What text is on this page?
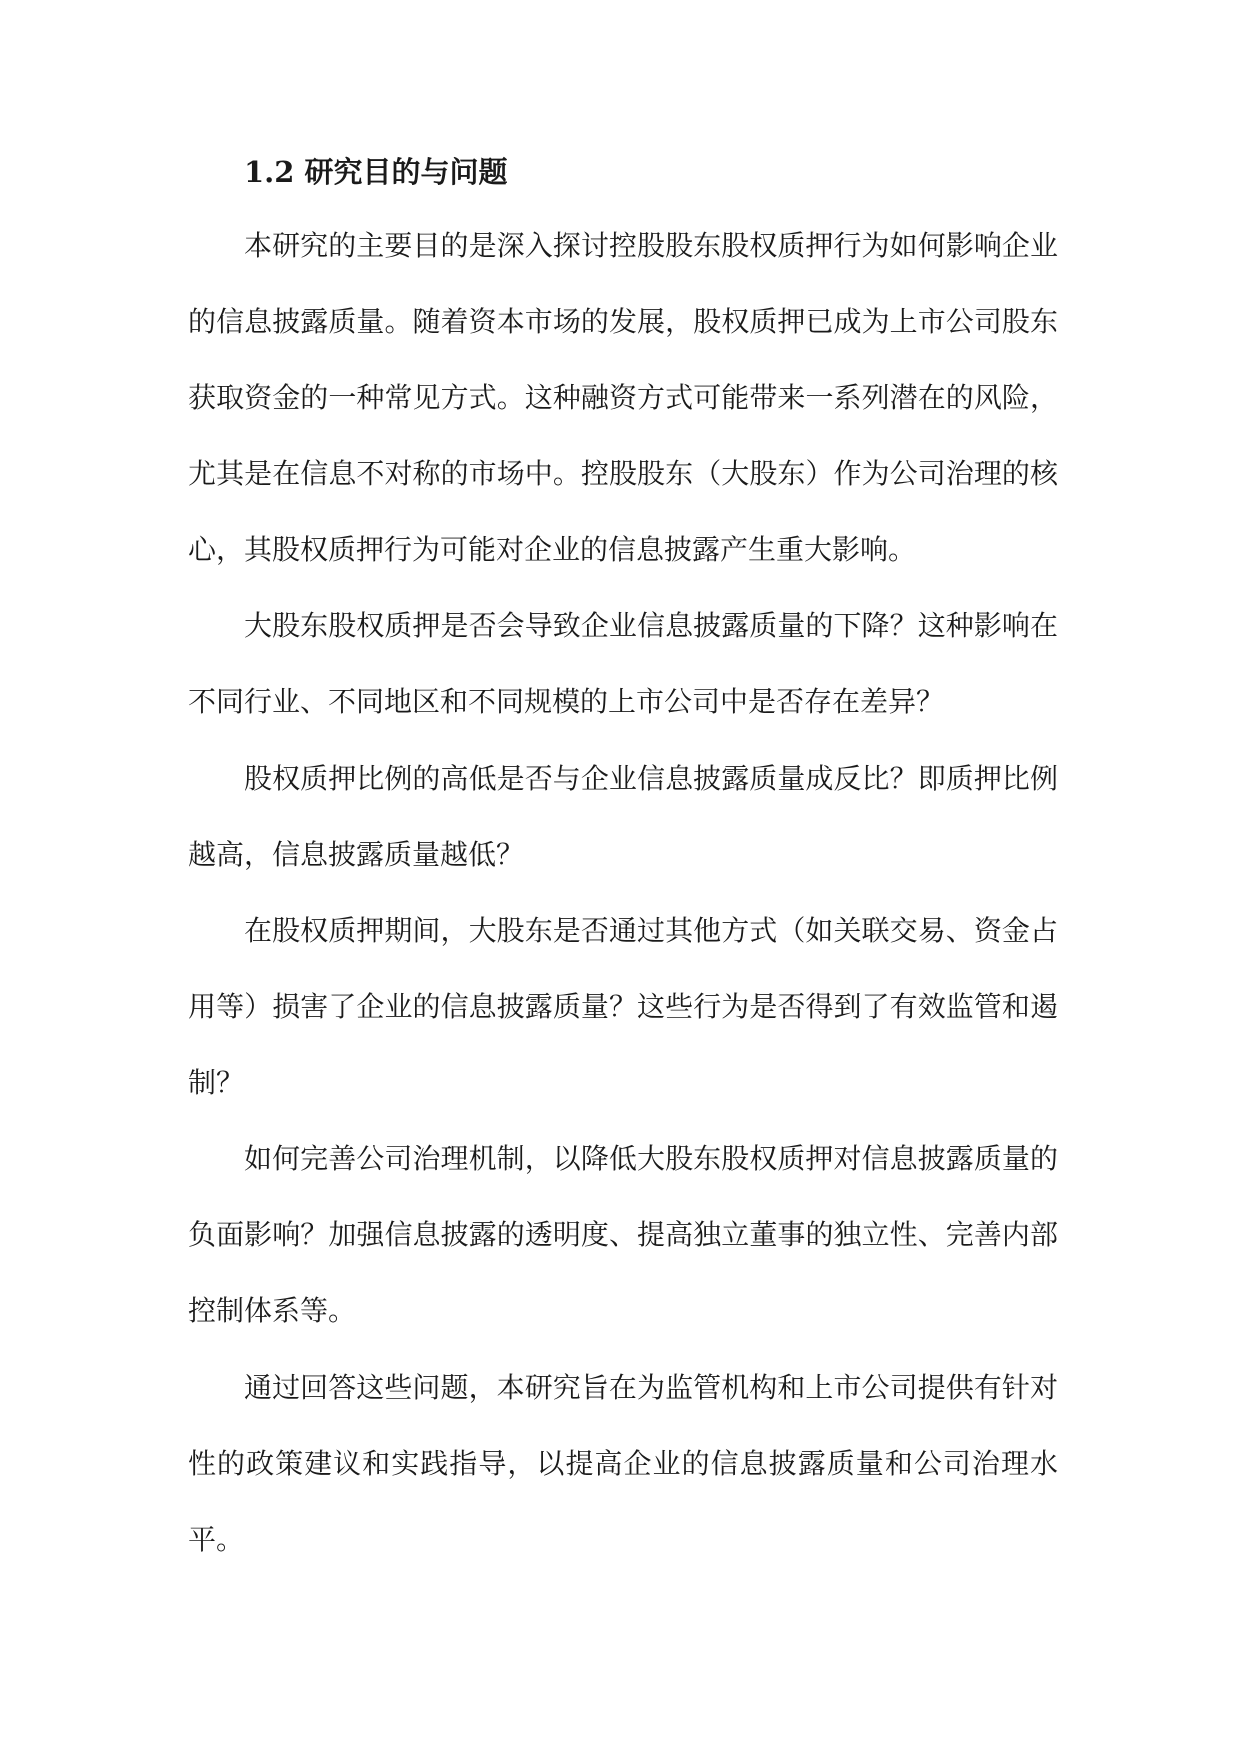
1.2 研究目的与问题

本研究的主要目的是深入探讨控股股东股权质押行为如何影响企业的信息披露质量。随着资本市场的发展，股权质押已成为上市公司股东获取资金的一种常见方式。这种融资方式可能带来一系列潜在的风险，尤其是在信息不对称的市场中。控股股东（大股东）作为公司治理的核心，其股权质押行为可能对企业的信息披露产生重大影响。

大股东股权质押是否会导致企业信息披露质量的下降？这种影响在不同行业、不同地区和不同规模的上市公司中是否存在差异？

股权质押比例的高低是否与企业信息披露质量成反比？即质押比例越高，信息披露质量越低？

在股权质押期间，大股东是否通过其他方式（如关联交易、资金占用等）损害了企业的信息披露质量？这些行为是否得到了有效监管和遏制？

如何完善公司治理机制，以降低大股东股权质押对信息披露质量的负面影响？加强信息披露的透明度、提高独立董事的独立性、完善内部控制体系等。

通过回答这些问题，本研究旨在为监管机构和上市公司提供有针对性的政策建议和实践指导，以提高企业的信息披露质量和公司治理水平。
